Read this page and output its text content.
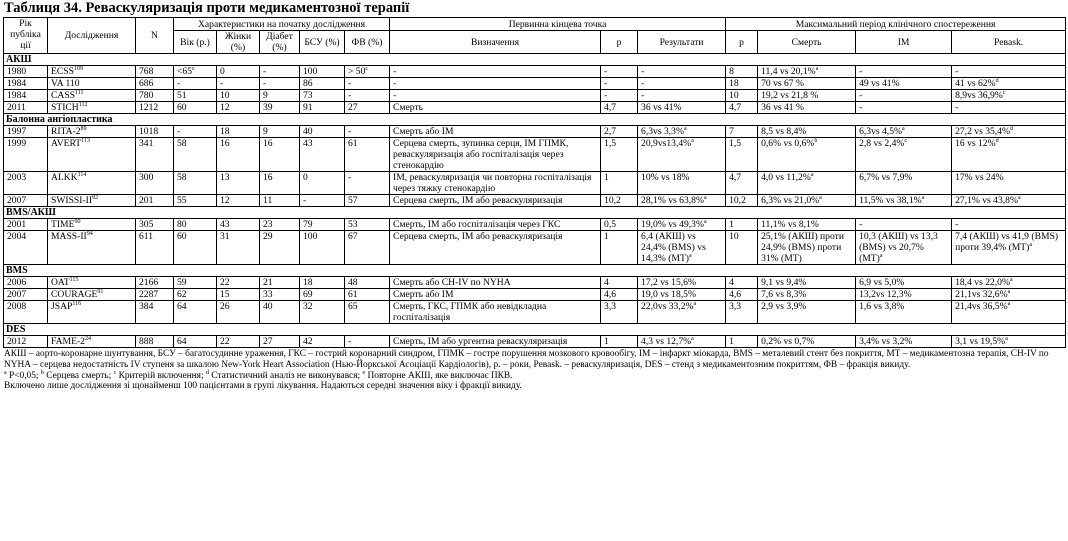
Таблиця 34. Реваскуляризація проти медикаментозної терапії
Рік публіка ції	Дослідження	N	Характеристики на початку дослідження					Первинна кінцева точка			Максимальний період клінічного спостереження			
			Вік (р.)	Жінки (%)	Діабет (%)	БСУ (%)	ФВ (%)	Визначення	p	Результати	p	Смерть	ІМ	Ревask.
АКШ														
1980	ECSS$^{109}$	768	$<65^c$	0	-	100	> $50^c$	-	-	-	8	11,4 vs 20,1%$^a$	-	-
1984	VA 110	686	-	-	-	86	-	-	-	-	18	70 vs 67 %	49 vs 41%	41 vs 62%$^d$
1984	CASS$^{111}$	780	51	10	9	73	-	-	-	-	10	19,2 vs 21,8 %	-	8,9vs 36,9%$^c$
2011	STICH$^{112}$	1212	60	12	39	91	27	Смерть	4,7	36 vs 41%	4,7	36 vs 41 %	-	-
Балонна ангіопластика														
1997	RITA-$2^{89}$	1018	-	18	9	40	-	Смерть або ІМ	2,7	6,3vs 3,3%$^a$	7	8,5 vs 8,4%	6,3vs 4,5%$^a$	27,2 vs 35,4%$^d$
1999	AVERT$^{113}$	341	58	16	16	43	61	Серцева смерть, зупинка серця, ІМ ГПМК, реваскуляризація або госпіталізація через стенокардію	1,5	20,9vs13,4%$^a$	1,5	0,6% vs 0,6%$^b$	2,8 vs 2,4%$^c$	16 vs 12%$^d$
2003	ALKK$^{114}$	300	58	13	16	0	-	ІМ, реваскуляризація чи повторна госпіталізація через тяжку стенокардію	1	10% vs 18%	4,7	4,0 vs 11,2%$^a$	6,7% vs 7,9%	17% vs 24%
2007	SWISSI-II$^{92}$	201	55	12	11	-	57	Серцева смерть, ІМ або реваскуляризація	10,2	28,1% vs 63,8%$^a$	10,2	6,3% vs 21,0%$^a$	11,5% vs 38,1%$^a$	27,1% vs 43,8%$^a$
BMS/АКШ														
2001	TIME$^{90}$	305	80	43	23	79	53	Смерть, ІМ або госпіталізація через ГКС	0,5	19,0% vs 49,3%$^a$	1	11,1% vs 8,1%	-	-
2004	MASS-II$^{94}$	611	60	31	29	100	67	Серцева смерть, ІМ або реваскуляризація	1	6,4 (АКШ) vs 24,4% (BMS) vs 14,3% (МТ)$^a$	10	25,1% (АКШ) проти 24,9% (BMS) проти 31% (МТ)	10,3 (АКШ) vs 13,3 (BMS) vs 20,7% (МТ)$^a$	7,4 (АКШ) vs 41,9 (BMS) проти 39,4% (МТ)$^a$
BMS														
2006	OAT$^{115}$	2166	59	22	21	18	48	Смерть або CH-IV по NYHA	4	17,2 vs 15,6%	4	9,1 vs 9,4%	6,9 vs 5,0%	18,4 vs 22,0%$^a$
2007	COURAGE$^{91}$	2287	62	15	33	69	61	Смерть або ІМ	4,6	19,0 vs 18,5%	4,6	7,6 vs 8,3%	13,2vs 12,3%	21,1vs 32,6%$^a$
2008	JSAP$^{116}$	384	64	26	40	32	65	Смерть, ГКС, ГПМК або невідкладна госпіталізація	3,3	22,0vs 33,2%$^a$	3,3	2,9 vs 3,9%	1,6 vs 3,8%	21,4vs 36,5%$^a$
DES														
2012	FAME-$2^{24}$	888	64	22	27	42	-	Смерть, ІМ або ургентна реваскуляризація	1	4,3 vs 12,7%$^a$	1	0,2% vs 0,7%	3,4% vs 3,2%	3,1 vs 19,5%$^a$
АКШ – аорто-коронарне шунтування, БСУ – багатосудинне ураження, ГКС – гострий коронарний синдром, ГПМК – гостре порушення мозкового кровообігу, ІМ – інфаркт міокарда, BMS – металевий стент без покриття, МТ – медикаментозна терапія, CH-IV по NYHA – серцева недостатність IV ступеня за шкалою New-York Heart Association (Нью-Йоркської Асоціації Кардіологів), р. – роки, Ревask. – реваскуляризація, DES – стенд з медикаментозним покриттям, ФВ – фракція викиду.
$^a$ P<0,05; $^b$ Серцева смерть; $^c$ Критерій включення; $^d$ Статистичний аналіз не виконувався; $^e$ Повторне АКШ, яке виключає ПКВ.
Включено лише дослідження зі щонайменш 100 пацієнтами в групі лікування. Надаються середні значення віку і фракції викиду.
